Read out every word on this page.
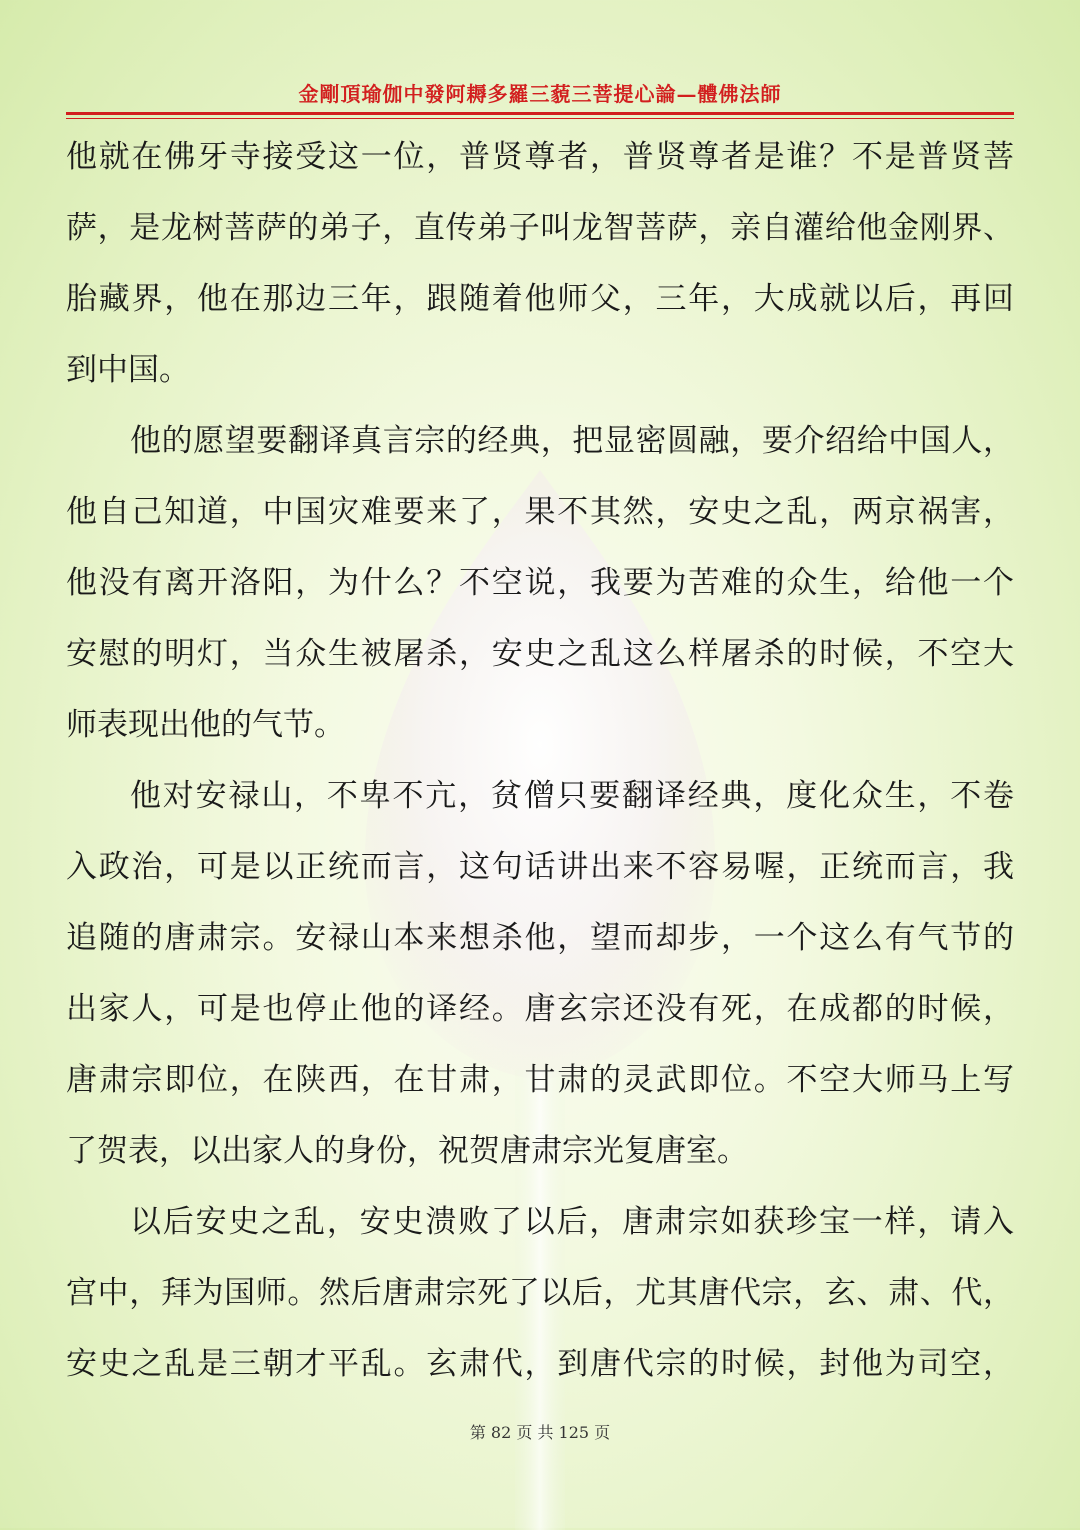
金剛頂瑜伽中發阿耨多羅三藐三菩提心論—體佛法師
他就在佛牙寺接受这一位，普贤尊者，普贤尊者是谁？不是普贤菩
萨，是龙树菩萨的弟子，直传弟子叫龙智菩萨，亲自灌给他金刚界、
胎藏界，他在那边三年，跟随着他师父，三年，大成就以后，再回
到中国。
他的愿望要翻译真言宗的经典，把显密圆融，要介绍给中国人，
他自己知道，中国灾难要来了，果不其然，安史之乱，两京祸害，
他没有离开洛阳，为什么？不空说，我要为苦难的众生，给他一个
安慰的明灯，当众生被屠杀，安史之乱这么样屠杀的时候，不空大
师表现出他的气节。
他对安禄山，不卑不亢，贫僧只要翻译经典，度化众生，不卷
入政治，可是以正统而言，这句话讲出来不容易喔，正统而言，我
追随的唐肃宗。安禄山本来想杀他，望而却步，一个这么有气节的
出家人，可是也停止他的译经。唐玄宗还没有死，在成都的时候，
唐肃宗即位，在陕西，在甘肃，甘肃的灵武即位。不空大师马上写
了贺表，以出家人的身份，祝贺唐肃宗光复唐室。
以后安史之乱，安史溃败了以后，唐肃宗如获珍宝一样，请入
宫中，拜为国师。然后唐肃宗死了以后，尤其唐代宗，玄、肃、代，
安史之乱是三朝才平乱。玄肃代，到唐代宗的时候，封他为司空，
第 82 页 共 125 页
